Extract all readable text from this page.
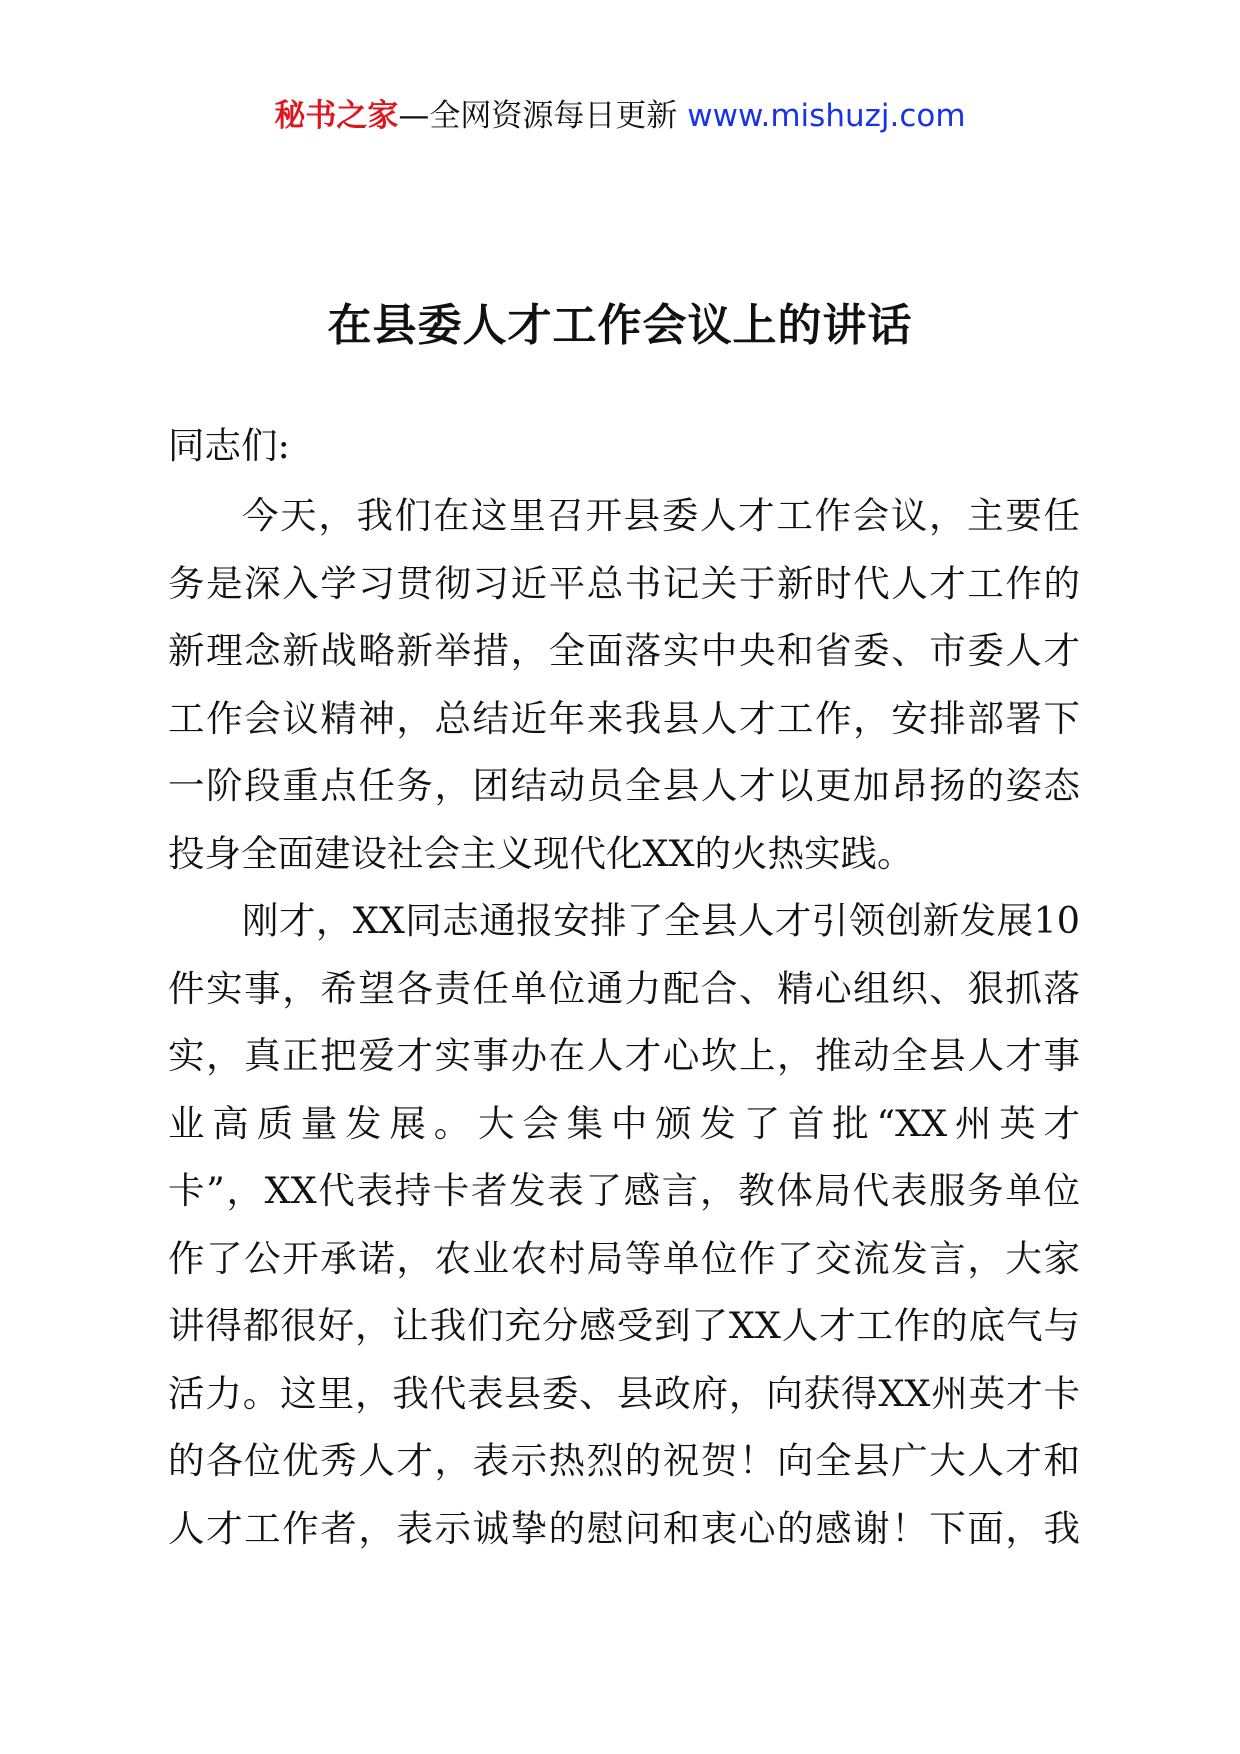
秘书之家—全网资源每日更新 www.mishuzj.com
在县委人才工作会议上的讲话
同志们:
今天，我们在这里召开县委人才工作会议，主要任
务是深入学习贯彻习近平总书记关于新时代人才工作的
新理念新战略新举措，全面落实中央和省委、市委人才
工作会议精神，总结近年来我县人才工作，安排部署下
一阶段重点任务，团结动员全县人才以更加昂扬的姿态
投身全面建设社会主义现代化XX的火热实践。
刚才，XX同志通报安排了全县人才引领创新发展10
件实事，希望各责任单位通力配合、精心组织、狠抓落
实，真正把爱才实事办在人才心坎上，推动全县人才事
业高质量发展。大会集中颁发了首批“XX州英才
卡”，XX代表持卡者发表了感言，教体局代表服务单位
作了公开承诺，农业农村局等单位作了交流发言，大家
讲得都很好，让我们充分感受到了XX人才工作的底气与
活力。这里，我代表县委、县政府，向获得XX州英才卡
的各位优秀人才，表示热烈的祝贺！向全县广大人才和
人才工作者，表示诚挚的慰问和衷心的感谢！下面，我
